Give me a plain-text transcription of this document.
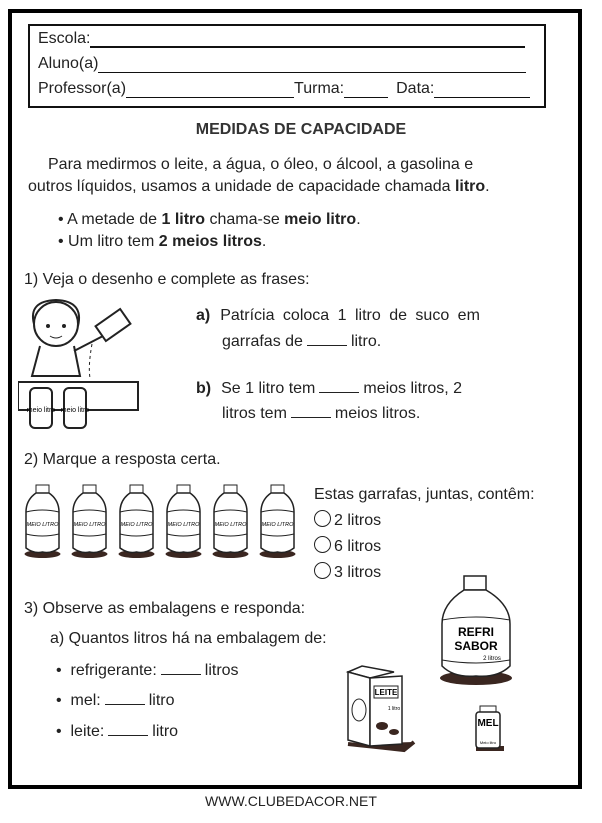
Escola:
Aluno(a)
Professor(a)	Turma:	Data:
MEDIDAS DE CAPACIDADE
Para medirmos o leite, a água, o óleo, o álcool, a gasolina e
outros líquidos, usamos a unidade de capacidade chamada litro.
• A metade de 1 litro chama-se meio litro.
• Um litro tem 2 meios litros.
1) Veja o desenho e complete as frases:
meio litro meio litro
a) Patrícia coloca 1 litro de suco em
garrafas de	litro.
b) Se 1 litro tem	meios litros, 2
litros tem	meios litros.
2) Marque a resposta certa.
MEIO LITRO	MEIO LITRO	MEIO LITRO	MEIO LITRO	MEIO LITRO	MEIO LITRO
Estas garrafas, juntas, contêm:
2 litros
6 litros
3 litros
3) Observe as embalagens e responda:
a) Quantos litros há na embalagem de:
•  refrigerante:	litros
•  mel:	litro
•  leite:	litro
REFRI
SABOR
2 litros
LEITE
1 litro
MEL
Meio litro
WWW.CLUBEDACOR.NET
